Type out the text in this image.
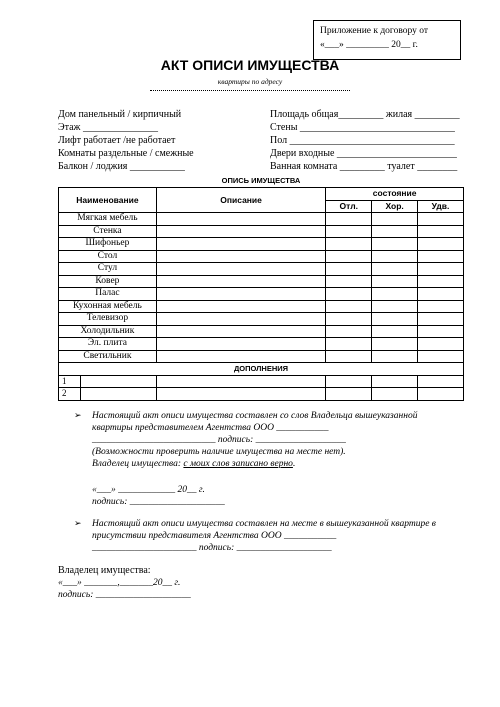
Приложение к договору от
«___» _________ 20__ г.
АКТ ОПИСИ ИМУЩЕСТВА
квартиры по адресу
Дом панельный / кирпичный
Этаж _______________
Лифт работает /не работает
Комнаты раздельные / смежные
Балкон / лоджия ___________
Площадь общая_________ жилая _________
Стены _______________________________
Пол _________________________________
Двери входные ________________________
Ванная комната _________ туалет ________
ОПИСЬ ИМУЩЕСТВА
Наименование		Описание	состояние		
			Отл.	Хор.	Удв.
Мягкая мебель					
Стенка					
Шифоньер					
Стол					
Стул					
Ковер					
Палас					
Кухонная мебель					
Телевизор					
Холодильник					
Эл. плита					
Светильник					
ДОПОЛНЕНИЯ					
1					
2					
➢ Настоящий акт описи имущества составлен со слов Владельца вышеуказанной
квартиры представителем Агентства ООО ___________
__________________________ подпись: ___________________
(Возможности проверить наличие имущества на месте нет).
Владелец имущества: с моих слов записано верно.
«___» ____________ 20__ г.
подпись: ____________________
➢ Настоящий акт описи имущества составлен на месте в вышеуказанной квартире в
присутствии представителя Агентства ООО ___________
______________________ подпись: ____________________
Владелец имущества:
«___» _______,_______20__ г.
подпись: ____________________
